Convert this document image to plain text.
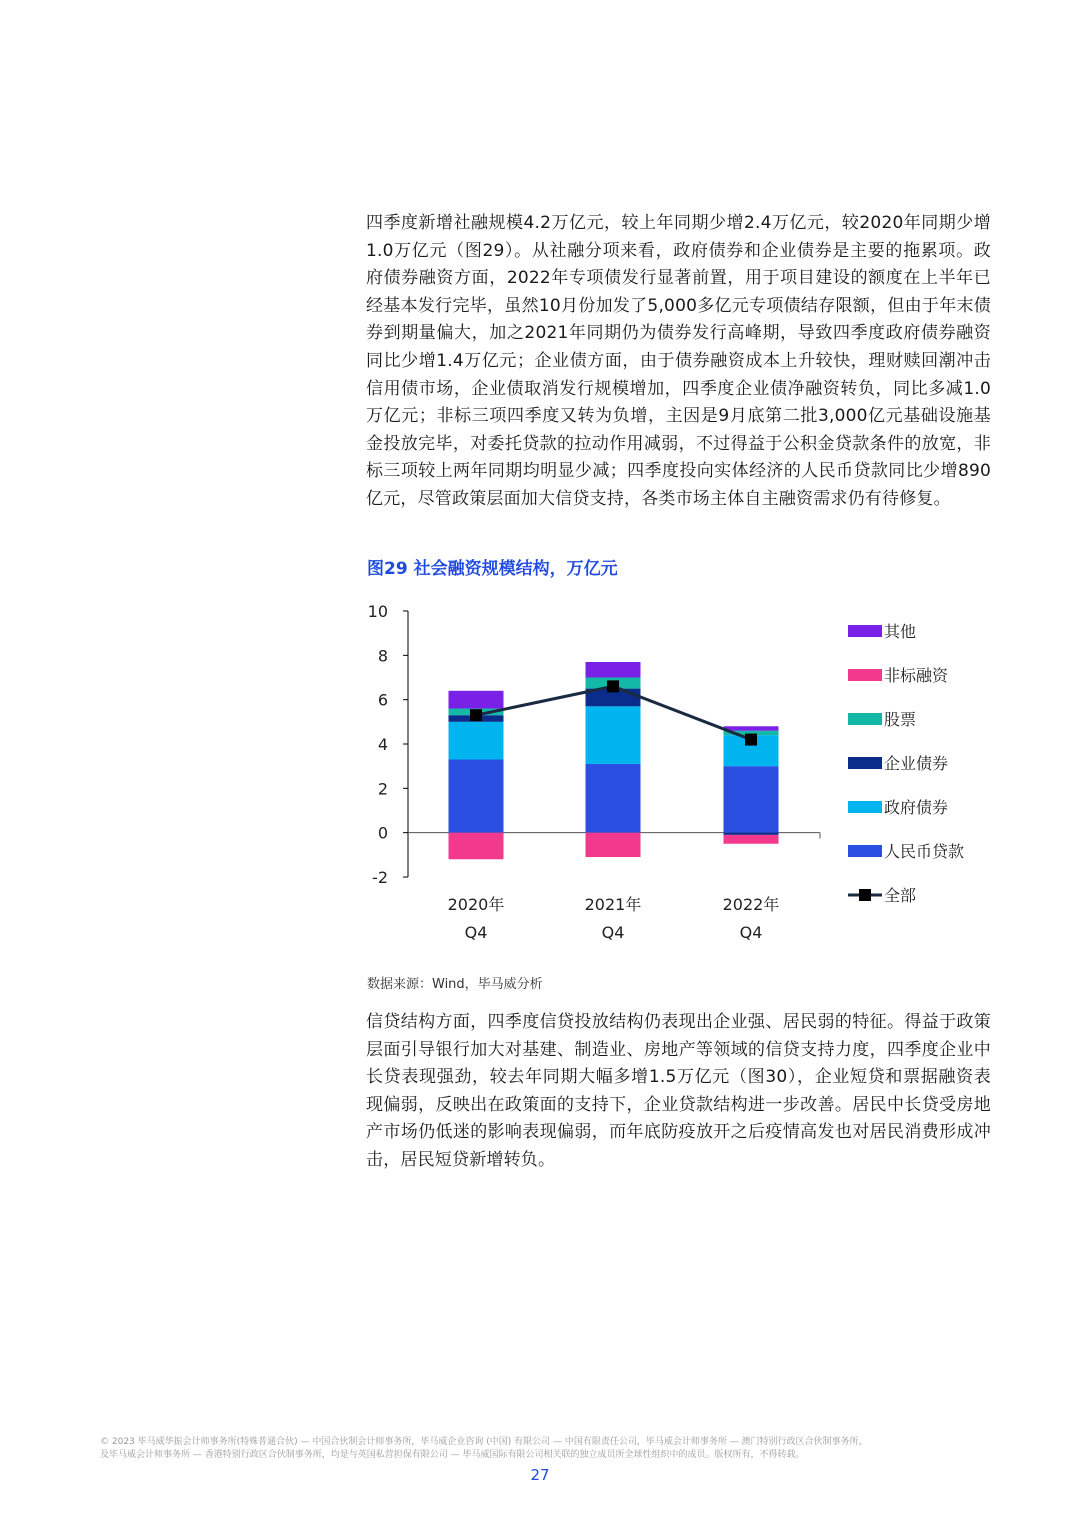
四季度新增社融规模4.2万亿元，较上年同期少增2.4万亿元，较2020年同期少增1.0万亿元（图29）。从社融分项来看，政府债券和企业债券是主要的拖累项。政府债券融资方面，2022年专项债发行显著前置，用于项目建设的额度在上半年已经基本发行完毕，虽然10月份加发了5,000多亿元专项债结存限额，但由于年末债券到期量偏大，加之2021年同期仍为债券发行高峰期，导致四季度政府债券融资同比少增1.4万亿元；企业债方面，由于债券融资成本上升较快，理财赎回潮冲击信用债市场，企业债取消发行规模增加，四季度企业债净融资转负，同比多减1.0万亿元；非标三项四季度又转为负增，主因是9月底第二批3,000亿元基础设施基金投放完毕，对委托贷款的拉动作用减弱，不过得益于公积金贷款条件的放宽，非标三项较上两年同期均明显少减；四季度投向实体经济的人民币贷款同比少增890亿元，尽管政策层面加大信贷支持，各类市场主体自主融资需求仍有待修复。

图29 社会融资规模结构，万亿元

10
8
6
4
2
0
-2
2020年
Q4
2021年
Q4
2022年
Q4
其他
非标融资
股票
企业债券
政府债券
人民币贷款
全部

数据来源：Wind，毕马威分析

信贷结构方面，四季度信贷投放结构仍表现出企业强、居民弱的特征。得益于政策层面引导银行加大对基建、制造业、房地产等领域的信贷支持力度，四季度企业中长贷表现强劲，较去年同期大幅多增1.5万亿元（图30），企业短贷和票据融资表现偏弱，反映出在政策面的支持下，企业贷款结构进一步改善。居民中长贷受房地产市场仍低迷的影响表现偏弱，而年底防疫放开之后疫情高发也对居民消费形成冲击，居民短贷新增转负。

© 2023 毕马威华振会计师事务所(特殊普通合伙) — 中国合伙制会计师事务所，毕马威企业咨询 (中国) 有限公司 — 中国有限责任公司，毕马威会计师事务所 — 澳门特别行政区合伙制事务所，
及毕马威会计师事务所 — 香港特别行政区合伙制事务所，均是与英国私营担保有限公司 — 毕马威国际有限公司相关联的独立成员所全球性组织中的成员。版权所有，不得转载。
27
